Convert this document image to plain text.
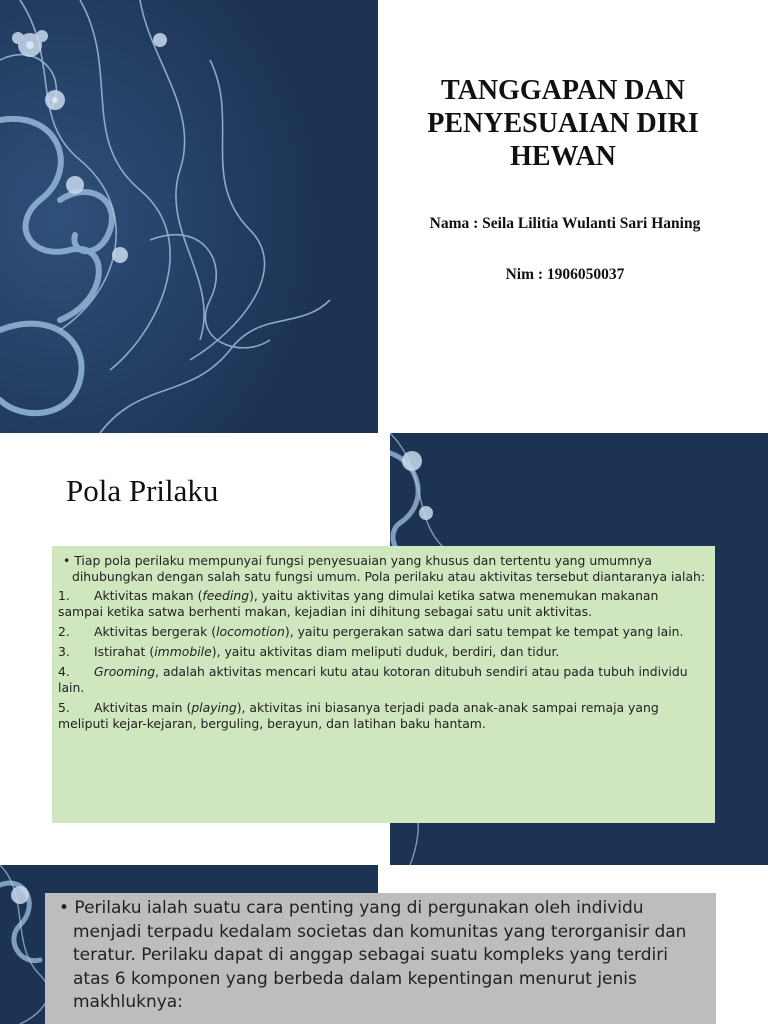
TANGGAPAN DAN PENYESUAIAN DIRI HEWAN
Nama : Seila Lilitia Wulanti Sari Haning
Nim : 1906050037
Pola Prilaku

• Tiap pola perilaku mempunyai fungsi penyesuaian yang khusus dan tertentu yang umumnya dihubungkan dengan salah satu fungsi umum. Pola perilaku atau aktivitas tersebut diantaranya ialah:

1. Aktivitas makan (feeding), yaitu aktivitas yang dimulai ketika satwa menemukan makanan sampai ketika satwa berhenti makan, kejadian ini dihitung sebagai satu unit aktivitas.

2. Aktivitas bergerak (locomotion), yaitu pergerakan satwa dari satu tempat ke tempat yang lain.

3. Istirahat (immobile), yaitu aktivitas diam meliputi duduk, berdiri, dan tidur.

4. Grooming, adalah aktivitas mencari kutu atau kotoran ditubuh sendiri atau pada tubuh individu lain.

5. Aktivitas main (playing), aktivitas ini biasanya terjadi pada anak-anak sampai remaja yang meliputi kejar-kejaran, berguling, berayun, dan latihan baku hantam.

• Perilaku ialah suatu cara penting yang di pergunakan oleh individu menjadi terpadu kedalam societas dan komunitas yang terorganisir dan teratur. Perilaku dapat di anggap sebagai suatu kompleks yang terdiri atas 6 komponen yang berbeda dalam kepentingan menurut jenis makhluknya:
